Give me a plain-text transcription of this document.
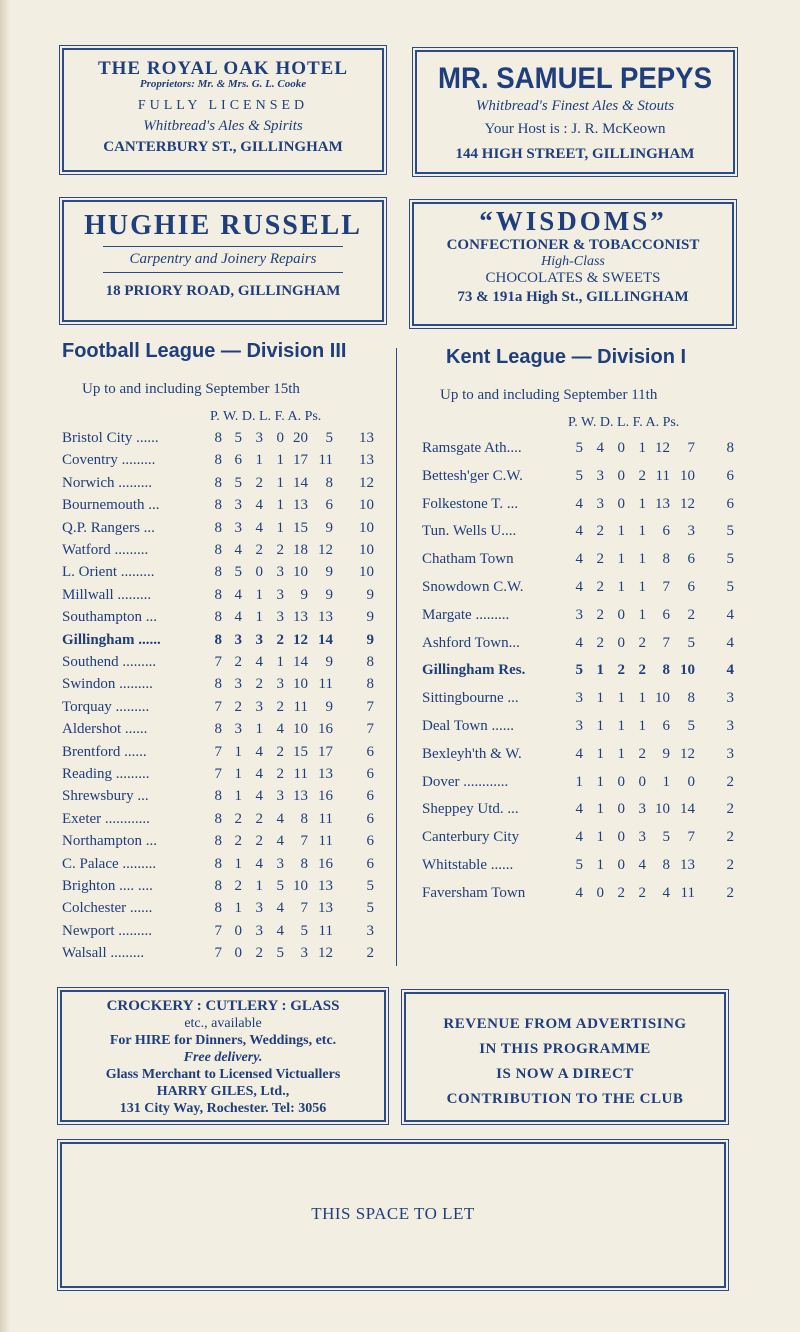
THE ROYAL OAK HOTEL
Proprietors: Mr. & Mrs. G. L. Cooke
FULLY LICENSED
Whitbread's Ales & Spirits
CANTERBURY ST., GILLINGHAM
MR. SAMUEL PEPYS
Whitbread's Finest Ales & Stouts
Your Host is : J. R. McKeown
144 HIGH STREET, GILLINGHAM
HUGHIE RUSSELL
Carpentry and Joinery Repairs
18 PRIORY ROAD, GILLINGHAM
“WISDOMS”
CONFECTIONER & TOBACCONIST
High-Class
CHOCOLATES & SWEETS
73 & 191a High St., GILLINGHAM
Football League — Division III
Up to and including September 15th
P. W. D. L. F. A. Ps.
Bristol City ......	8 5 3 0 20	5	13
Coventry .........	8 6 1 1 17 11	13
Norwich .........	8 5 2 1 14	8	12
Bournemouth ...	8 3 4 1 13	6	10
Q.P. Rangers ...	8 3 4 1 15	9	10
Watford .........	8 4 2 2 18 12	10
L. Orient .........	8 5 0 3 10	9	10
Millwall .........	8 4 1 3	9	9	9
Southampton ...	8 4 1 3 13 13	9
Gillingham ......	8 3 3 2 12 14	9
Southend .........	7 2 4 1 14	9	8
Swindon .........	8 3 2 3 10 11	8
Torquay .........	7 2 3 2 11	9	7
Aldershot ......	8 3 1 4 10 16	7
Brentford ......	7 1 4 2 15 17	6
Reading .........	7 1 4 2 11 13	6
Shrewsbury ...	8 1 4 3 13 16	6
Exeter ............	8 2 2 4	8 11	6
Northampton ...	8 2 2 4	7 11	6
C. Palace .........	8 1 4 3	8 16	6
Brighton .... ....	8 2 1 5 10 13	5
Colchester ......	8 1 3 4	7 13	5
Newport .........	7 0 3 4	5 11	3
Walsall .........	7 0 2 5	3 12	2
Kent League — Division I
Up to and including September 11th
P. W. D. L. F. A. Ps.
Ramsgate Ath....	5 4 0 1 12	7	8
Bettesh'ger C.W.	5 3 0 2 11 10	6
Folkestone T. ...	4 3 0 1 13 12	6
Tun. Wells U....	4 2 1 1	6	3	5
Chatham Town	4 2 1 1	8	6	5
Snowdown C.W.	4 2 1 1	7	6	5
Margate .........	3 2 0 1	6	2	4
Ashford Town...	4 2 0 2	7	5	4
Gillingham Res.	5 1 2 2	8 10	4
Sittingbourne ...	3 1 1 1 10	8	3
Deal Town ......	3 1 1 1	6	5	3
Bexleyh'th & W.	4 1 1 2	9 12	3
Dover ............	1 1 0 0	1	0	2
Sheppey Utd. ...	4 1 0 3 10 14	2
Canterbury City	4 1 0 3	5	7	2
Whitstable ......	5 1 0 4	8 13	2
Faversham Town	4 0 2 2	4 11	2
CROCKERY : CUTLERY : GLASS
etc., available
For HIRE for Dinners, Weddings, etc.
Free delivery.
Glass Merchant to Licensed Victuallers
HARRY GILES, Ltd.,
131 City Way, Rochester. Tel: 3056
REVENUE FROM ADVERTISING
IN THIS PROGRAMME
IS NOW A DIRECT
CONTRIBUTION TO THE CLUB
THIS SPACE TO LET
